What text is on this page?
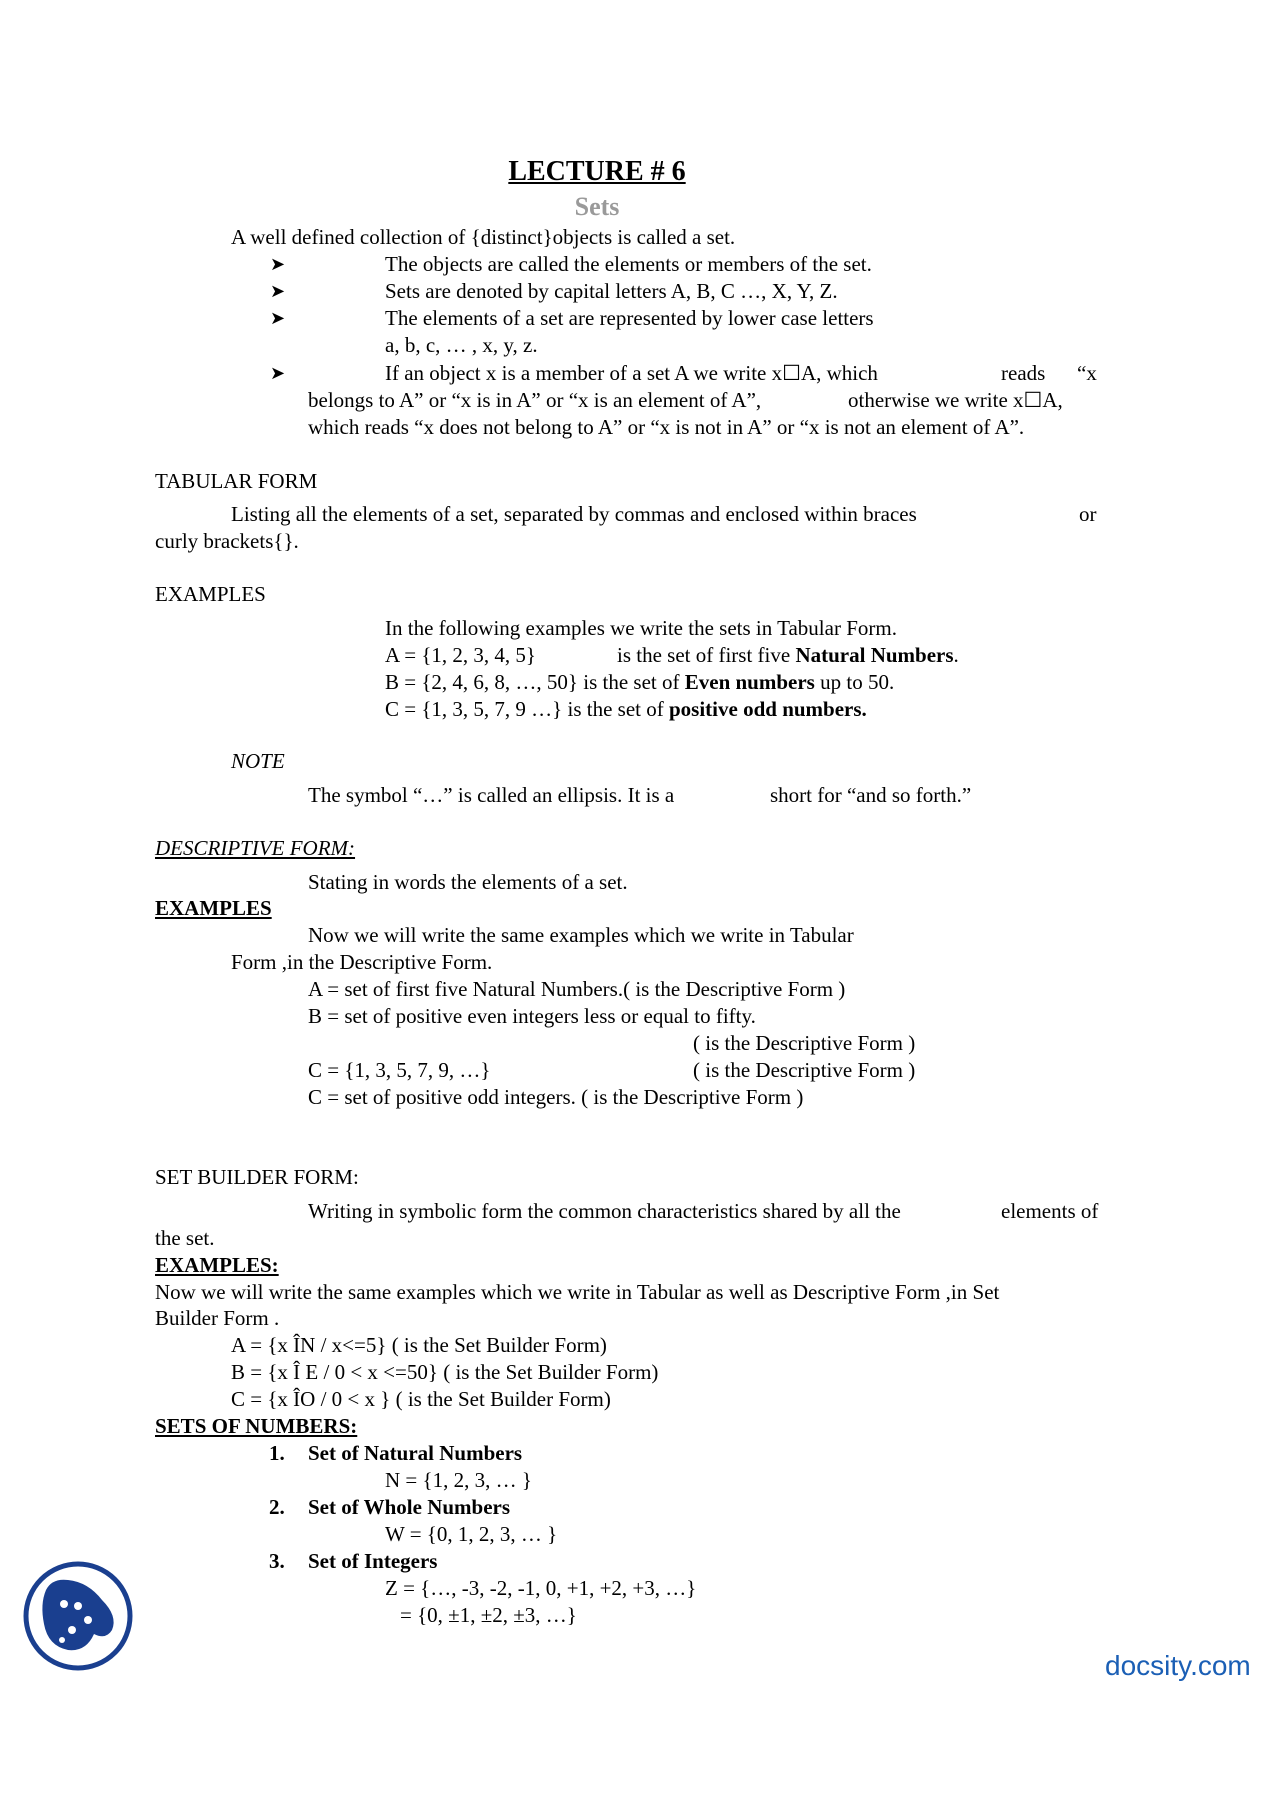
LECTURE # 6
Sets
A well defined collection of {distinct}objects is called a set.
➤	The objects are called the elements or members of the set.
➤	Sets are denoted by capital letters A, B, C …, X, Y, Z.
➤	The elements of a set are represented by lower case letters
a, b, c, … , x, y, z.
➤	If an object x is a member of a set A we write x☐A, which	reads “x
belongs to A” or “x is in A” or “x is an element of A”,	otherwise we write x☐A,
which reads “x does not belong to A” or “x is not in A” or “x is not an element of A”.
TABULAR FORM
Listing all the elements of a set, separated by commas and enclosed within braces	or
curly brackets{}.
EXAMPLES
In the following examples we write the sets in Tabular Form.
A = {1, 2, 3, 4, 5}	is the set of first five Natural Numbers.
B = {2, 4, 6, 8, …, 50} is the set of Even numbers up to 50.
C = {1, 3, 5, 7, 9 …} is the set of positive odd numbers.
NOTE
The symbol “…” is called an ellipsis. It is a	short for “and so forth.”
DESCRIPTIVE FORM:
Stating in words the elements of a set.
EXAMPLES
Now we will write the same examples which we write in Tabular
Form ,in the Descriptive Form.
A = set of first five Natural Numbers.( is the Descriptive Form )
B = set of positive even integers less or equal to fifty.
( is the Descriptive Form )
C = {1, 3, 5, 7, 9, …}	( is the Descriptive Form )
C = set of positive odd integers. ( is the Descriptive Form )
SET BUILDER FORM:
Writing in symbolic form the common characteristics shared by all the	elements of
the set.
EXAMPLES:
Now we will write the same examples which we write in Tabular as well as Descriptive Form ,in Set
Builder Form .
A = {x ÎN / x<=5} ( is the Set Builder Form)
B = {x Î E / 0 < x <=50} ( is the Set Builder Form)
C = {x ÎO / 0 < x } ( is the Set Builder Form)
SETS OF NUMBERS:
1. Set of Natural Numbers
N = {1, 2, 3, … }
2. Set of Whole Numbers
W = {0, 1, 2, 3, … }
3. Set of Integers
Z = {…, -3, -2, -1, 0, +1, +2, +3, …}
= {0, ±1, ±2, ±3, …}
docsity.com
